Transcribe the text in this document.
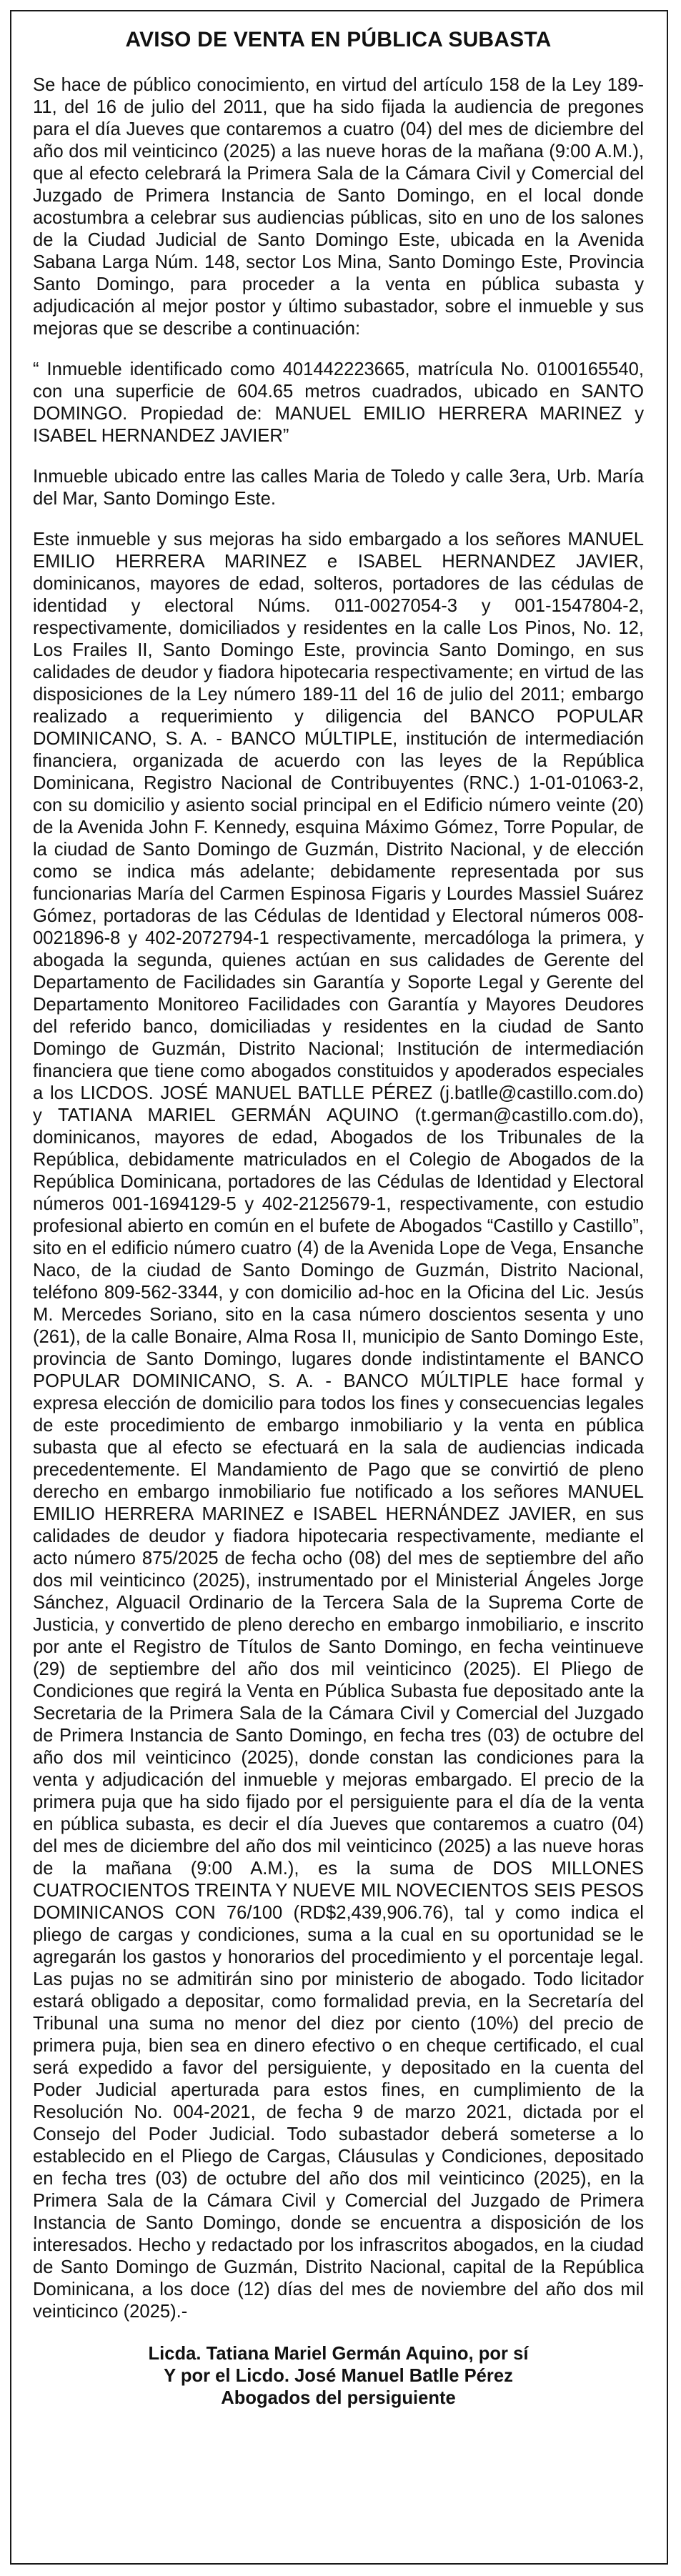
AVISO DE VENTA EN PÚBLICA SUBASTA

Se hace de público conocimiento, en virtud del artículo 158 de la Ley 189-11, del 16 de julio del 2011, que ha sido fijada la audiencia de pregones para el día Jueves que contaremos a cuatro (04) del mes de diciembre del año dos mil veinticinco (2025) a las nueve horas de la mañana (9:00 A.M.), que al efecto celebrará la Primera Sala de la Cámara Civil y Comercial del Juzgado de Primera Instancia de Santo Domingo, en el local donde acostumbra a celebrar sus audiencias públicas, sito en uno de los salones de la Ciudad Judicial de Santo Domingo Este, ubicada en la Avenida Sabana Larga Núm. 148, sector Los Mina, Santo Domingo Este, Provincia Santo Domingo, para proceder a la venta en pública subasta y adjudicación al mejor postor y último subastador, sobre el inmueble y sus mejoras que se describe a continuación:

“ Inmueble identificado como 401442223665, matrícula No. 0100165540, con una superficie de 604.65 metros cuadrados, ubicado en SANTO DOMINGO. Propiedad de: MANUEL EMILIO HERRERA MARINEZ y ISABEL HERNANDEZ JAVIER”

Inmueble ubicado entre las calles Maria de Toledo y calle 3era, Urb. María del Mar, Santo Domingo Este.

Este inmueble y sus mejoras ha sido embargado a los señores MANUEL EMILIO HERRERA MARINEZ e ISABEL HERNANDEZ JAVIER, dominicanos, mayores de edad, solteros, portadores de las cédulas de identidad y electoral Núms. 011-0027054-3 y 001-1547804-2, respectivamente, domiciliados y residentes en la calle Los Pinos, No. 12, Los Frailes II, Santo Domingo Este, provincia Santo Domingo, en sus calidades de deudor y fiadora hipotecaria respectivamente; en virtud de las disposiciones de la Ley número 189-11 del 16 de julio del 2011; embargo realizado a requerimiento y diligencia del BANCO POPULAR DOMINICANO, S. A. - BANCO MÚLTIPLE, institución de intermediación financiera, organizada de acuerdo con las leyes de la República Dominicana, Registro Nacional de Contribuyentes (RNC.) 1-01-01063-2, con su domicilio y asiento social principal en el Edificio número veinte (20) de la Avenida John F. Kennedy, esquina Máximo Gómez, Torre Popular, de la ciudad de Santo Domingo de Guzmán, Distrito Nacional, y de elección como se indica más adelante; debidamente representada por sus funcionarias María del Carmen Espinosa Figaris y Lourdes Massiel Suárez Gómez, portadoras de las Cédulas de Identidad y Electoral números 008-0021896-8 y 402-2072794-1 respectivamente, mercadóloga la primera, y abogada la segunda, quienes actúan en sus calidades de Gerente del Departamento de Facilidades sin Garantía y Soporte Legal y Gerente del Departamento Monitoreo Facilidades con Garantía y Mayores Deudores del referido banco, domiciliadas y residentes en la ciudad de Santo Domingo de Guzmán, Distrito Nacional; Institución de intermediación financiera que tiene como abogados constituidos y apoderados especiales a los LICDOS. JOSÉ MANUEL BATLLE PÉREZ (j.batlle@castillo.com.do) y TATIANA MARIEL GERMÁN AQUINO (t.german@castillo.com.do), dominicanos, mayores de edad, Abogados de los Tribunales de la República, debidamente matriculados en el Colegio de Abogados de la República Dominicana, portadores de las Cédulas de Identidad y Electoral números 001-1694129-5 y 402-2125679-1, respectivamente, con estudio profesional abierto en común en el bufete de Abogados “Castillo y Castillo”, sito en el edificio número cuatro (4) de la Avenida Lope de Vega, Ensanche Naco, de la ciudad de Santo Domingo de Guzmán, Distrito Nacional, teléfono 809-562-3344, y con domicilio ad-hoc en la Oficina del Lic. Jesús M. Mercedes Soriano, sito en la casa número doscientos sesenta y uno (261), de la calle Bonaire, Alma Rosa II, municipio de Santo Domingo Este, provincia de Santo Domingo, lugares donde indistintamente el BANCO POPULAR DOMINICANO, S. A. - BANCO MÚLTIPLE hace formal y expresa elección de domicilio para todos los fines y consecuencias legales de este procedimiento de embargo inmobiliario y la venta en pública subasta que al efecto se efectuará en la sala de audiencias indicada precedentemente. El Mandamiento de Pago que se convirtió de pleno derecho en embargo inmobiliario fue notificado a los señores MANUEL EMILIO HERRERA MARINEZ e ISABEL HERNÁNDEZ JAVIER, en sus calidades de deudor y fiadora hipotecaria respectivamente, mediante el acto número 875/2025 de fecha ocho (08) del mes de septiembre del año dos mil veinticinco (2025), instrumentado por el Ministerial Ángeles Jorge Sánchez, Alguacil Ordinario de la Tercera Sala de la Suprema Corte de Justicia, y convertido de pleno derecho en embargo inmobiliario, e inscrito por ante el Registro de Títulos de Santo Domingo, en fecha veintinueve (29) de septiembre del año dos mil veinticinco (2025). El Pliego de Condiciones que regirá la Venta en Pública Subasta fue depositado ante la Secretaria de la Primera Sala de la Cámara Civil y Comercial del Juzgado de Primera Instancia de Santo Domingo, en fecha tres (03) de octubre del año dos mil veinticinco (2025), donde constan las condiciones para la venta y adjudicación del inmueble y mejoras embargado. El precio de la primera puja que ha sido fijado por el persiguiente para el día de la venta en pública subasta, es decir el día Jueves que contaremos a cuatro (04) del mes de diciembre del año dos mil veinticinco (2025) a las nueve horas de la mañana (9:00 A.M.), es la suma de DOS MILLONES CUATROCIENTOS TREINTA Y NUEVE MIL NOVECIENTOS SEIS PESOS DOMINICANOS CON 76/100 (RD$2,439,906.76), tal y como indica el pliego de cargas y condiciones, suma a la cual en su oportunidad se le agregarán los gastos y honorarios del procedimiento y el porcentaje legal. Las pujas no se admitirán sino por ministerio de abogado. Todo licitador estará obligado a depositar, como formalidad previa, en la Secretaría del Tribunal una suma no menor del diez por ciento (10%) del precio de primera puja, bien sea en dinero efectivo o en cheque certificado, el cual será expedido a favor del persiguiente, y depositado en la cuenta del Poder Judicial aperturada para estos fines, en cumplimiento de la Resolución No. 004-2021, de fecha 9 de marzo 2021, dictada por el Consejo del Poder Judicial. Todo subastador deberá someterse a lo establecido en el Pliego de Cargas, Cláusulas y Condiciones, depositado en fecha tres (03) de octubre del año dos mil veinticinco (2025), en la Primera Sala de la Cámara Civil y Comercial del Juzgado de Primera Instancia de Santo Domingo, donde se encuentra a disposición de los interesados. Hecho y redactado por los infrascritos abogados, en la ciudad de Santo Domingo de Guzmán, Distrito Nacional, capital de la República Dominicana, a los doce (12) días del mes de noviembre del año dos mil veinticinco (2025).-

Licda. Tatiana Mariel Germán Aquino, por sí
Y por el Licdo. José Manuel Batlle Pérez
Abogados del persiguiente
